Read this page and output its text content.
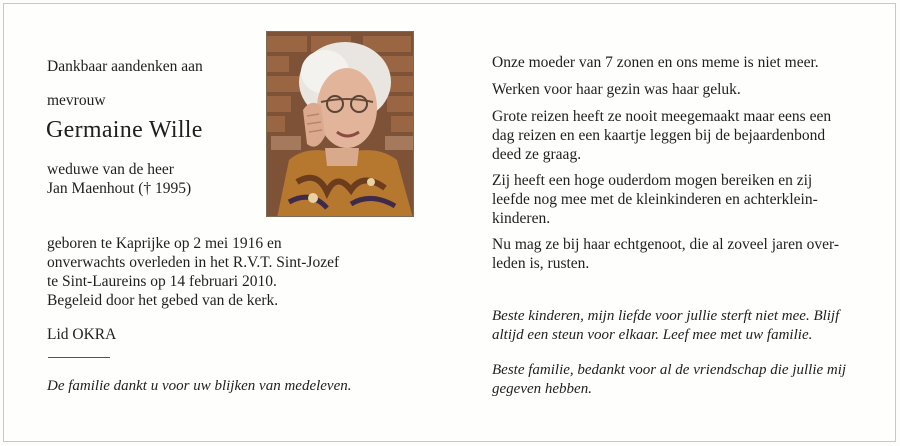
Dankbaar aandenken aan
mevrouw
Germaine Wille
weduwe van de heer
Jan Maenhout († 1995)
geboren te Kaprijke op 2 mei 1916 en
onverwachts overleden in het R.V.T. Sint-Jozef
te Sint-Laureins op 14 februari 2010.
Begeleid door het gebed van de kerk.
Lid OKRA
De familie dankt u voor uw blijken van medeleven.
Onze moeder van 7 zonen en ons meme is niet meer.
Werken voor haar gezin was haar geluk.
Grote reizen heeft ze nooit meegemaakt maar eens een
dag reizen en een kaartje leggen bij de bejaardenbond
deed ze graag.
Zij heeft een hoge ouderdom mogen bereiken en zij
leefde nog mee met de kleinkinderen en achterklein-
kinderen.
Nu mag ze bij haar echtgenoot, die al zoveel jaren over-
leden is, rusten.
Beste kinderen, mijn liefde voor jullie sterft niet mee. Blijf
altijd een steun voor elkaar. Leef mee met uw familie.
Beste familie, bedankt voor al de vriendschap die jullie mij
gegeven hebben.
